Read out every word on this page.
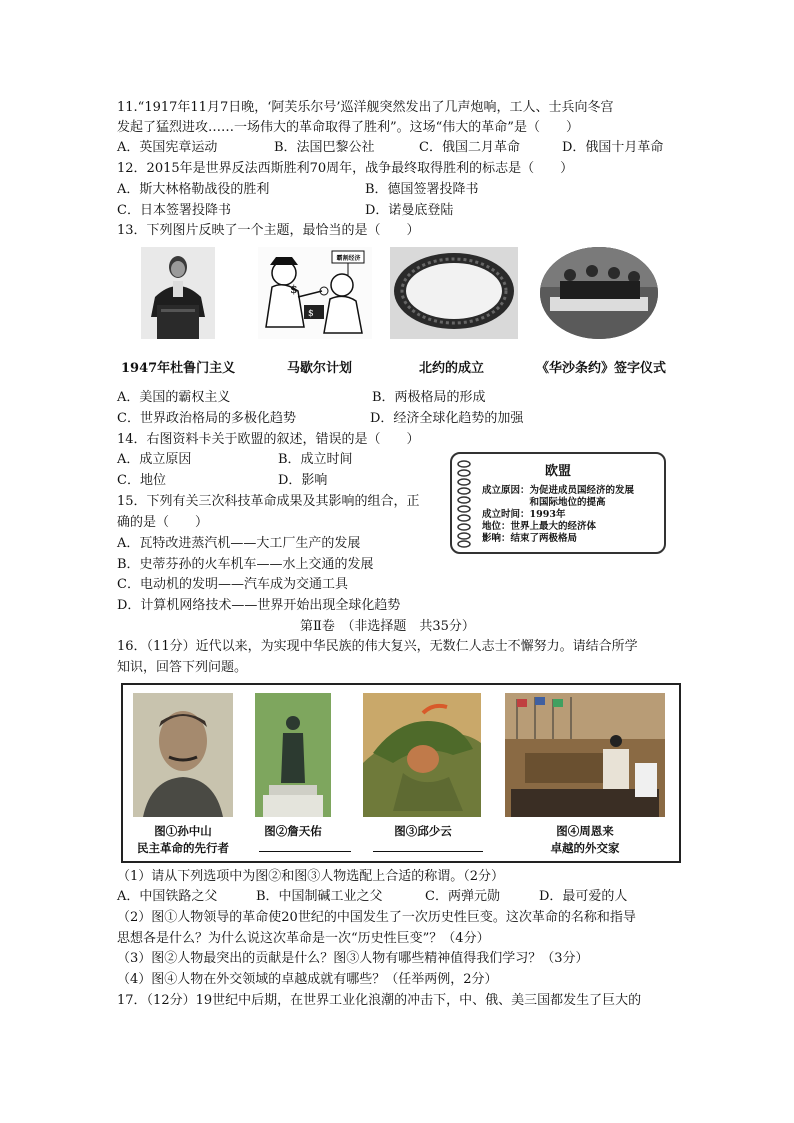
11.“1917年11月7日晚，‘阿芙乐尔号’巡洋舰突然发出了几声炮响，工人、士兵向冬宫
发起了猛烈进攻……一场伟大的革命取得了胜利”。这场“伟大的革命”是（　　）
A．英国宪章运动	B．法国巴黎公社	C．俄国二月革命	D．俄国十月革命
12．2015年是世界反法西斯胜利70周年，战争最终取得胜利的标志是（　　）
A．斯大林格勒战役的胜利	B．德国签署投降书
C．日本签署投降书	D．诺曼底登陆
13．下列图片反映了一个主题，最恰当的是（　　）
$
$
霸割经济
1947年杜鲁门主义	马歇尔计划	北约的成立	《华沙条约》签字仪式
A．美国的霸权主义	B．两极格局的形成
C．世界政治格局的多极化趋势	D．经济全球化趋势的加强
14．右图资料卡关于欧盟的叙述，错误的是（　　）
A．成立原因	B．成立时间
C．地位	D．影响
欧盟
成立原因：为促进成员国经济的发展
　　　　　和国际地位的提高
成立时间：1993年
地位：世界上最大的经济体
影响：结束了两极格局
15．下列有关三次科技革命成果及其影响的组合，正
确的是（　　）
A．瓦特改进蒸汽机——大工厂生产的发展
B．史蒂芬孙的火车机车——水上交通的发展
C．电动机的发明——汽车成为交通工具
D．计算机网络技术——世界开始出现全球化趋势
第Ⅱ卷　（非选择题　共35分）
16．（11分）近代以来，为实现中华民族的伟大复兴，无数仁人志士不懈努力。请结合所学
知识，回答下列问题。
图①孙中山
民主革命的先行者
图②詹天佑	图③邱少云	图④周恩来
卓越的外交家
（1）请从下列选项中为图②和图③人物选配上合适的称谓。（2分）
A．中国铁路之父	B．中国制碱工业之父	C．两弹元勋	D．最可爱的人
（2）图①人物领导的革命使20世纪的中国发生了一次历史性巨变。这次革命的名称和指导
思想各是什么？为什么说这次革命是一次“历史性巨变”？（4分）
（3）图②人物最突出的贡献是什么？图③人物有哪些精神值得我们学习？（3分）
（4）图④人物在外交领域的卓越成就有哪些？（任举两例，2分）
17．（12分）19世纪中后期，在世界工业化浪潮的冲击下，中、俄、美三国都发生了巨大的
